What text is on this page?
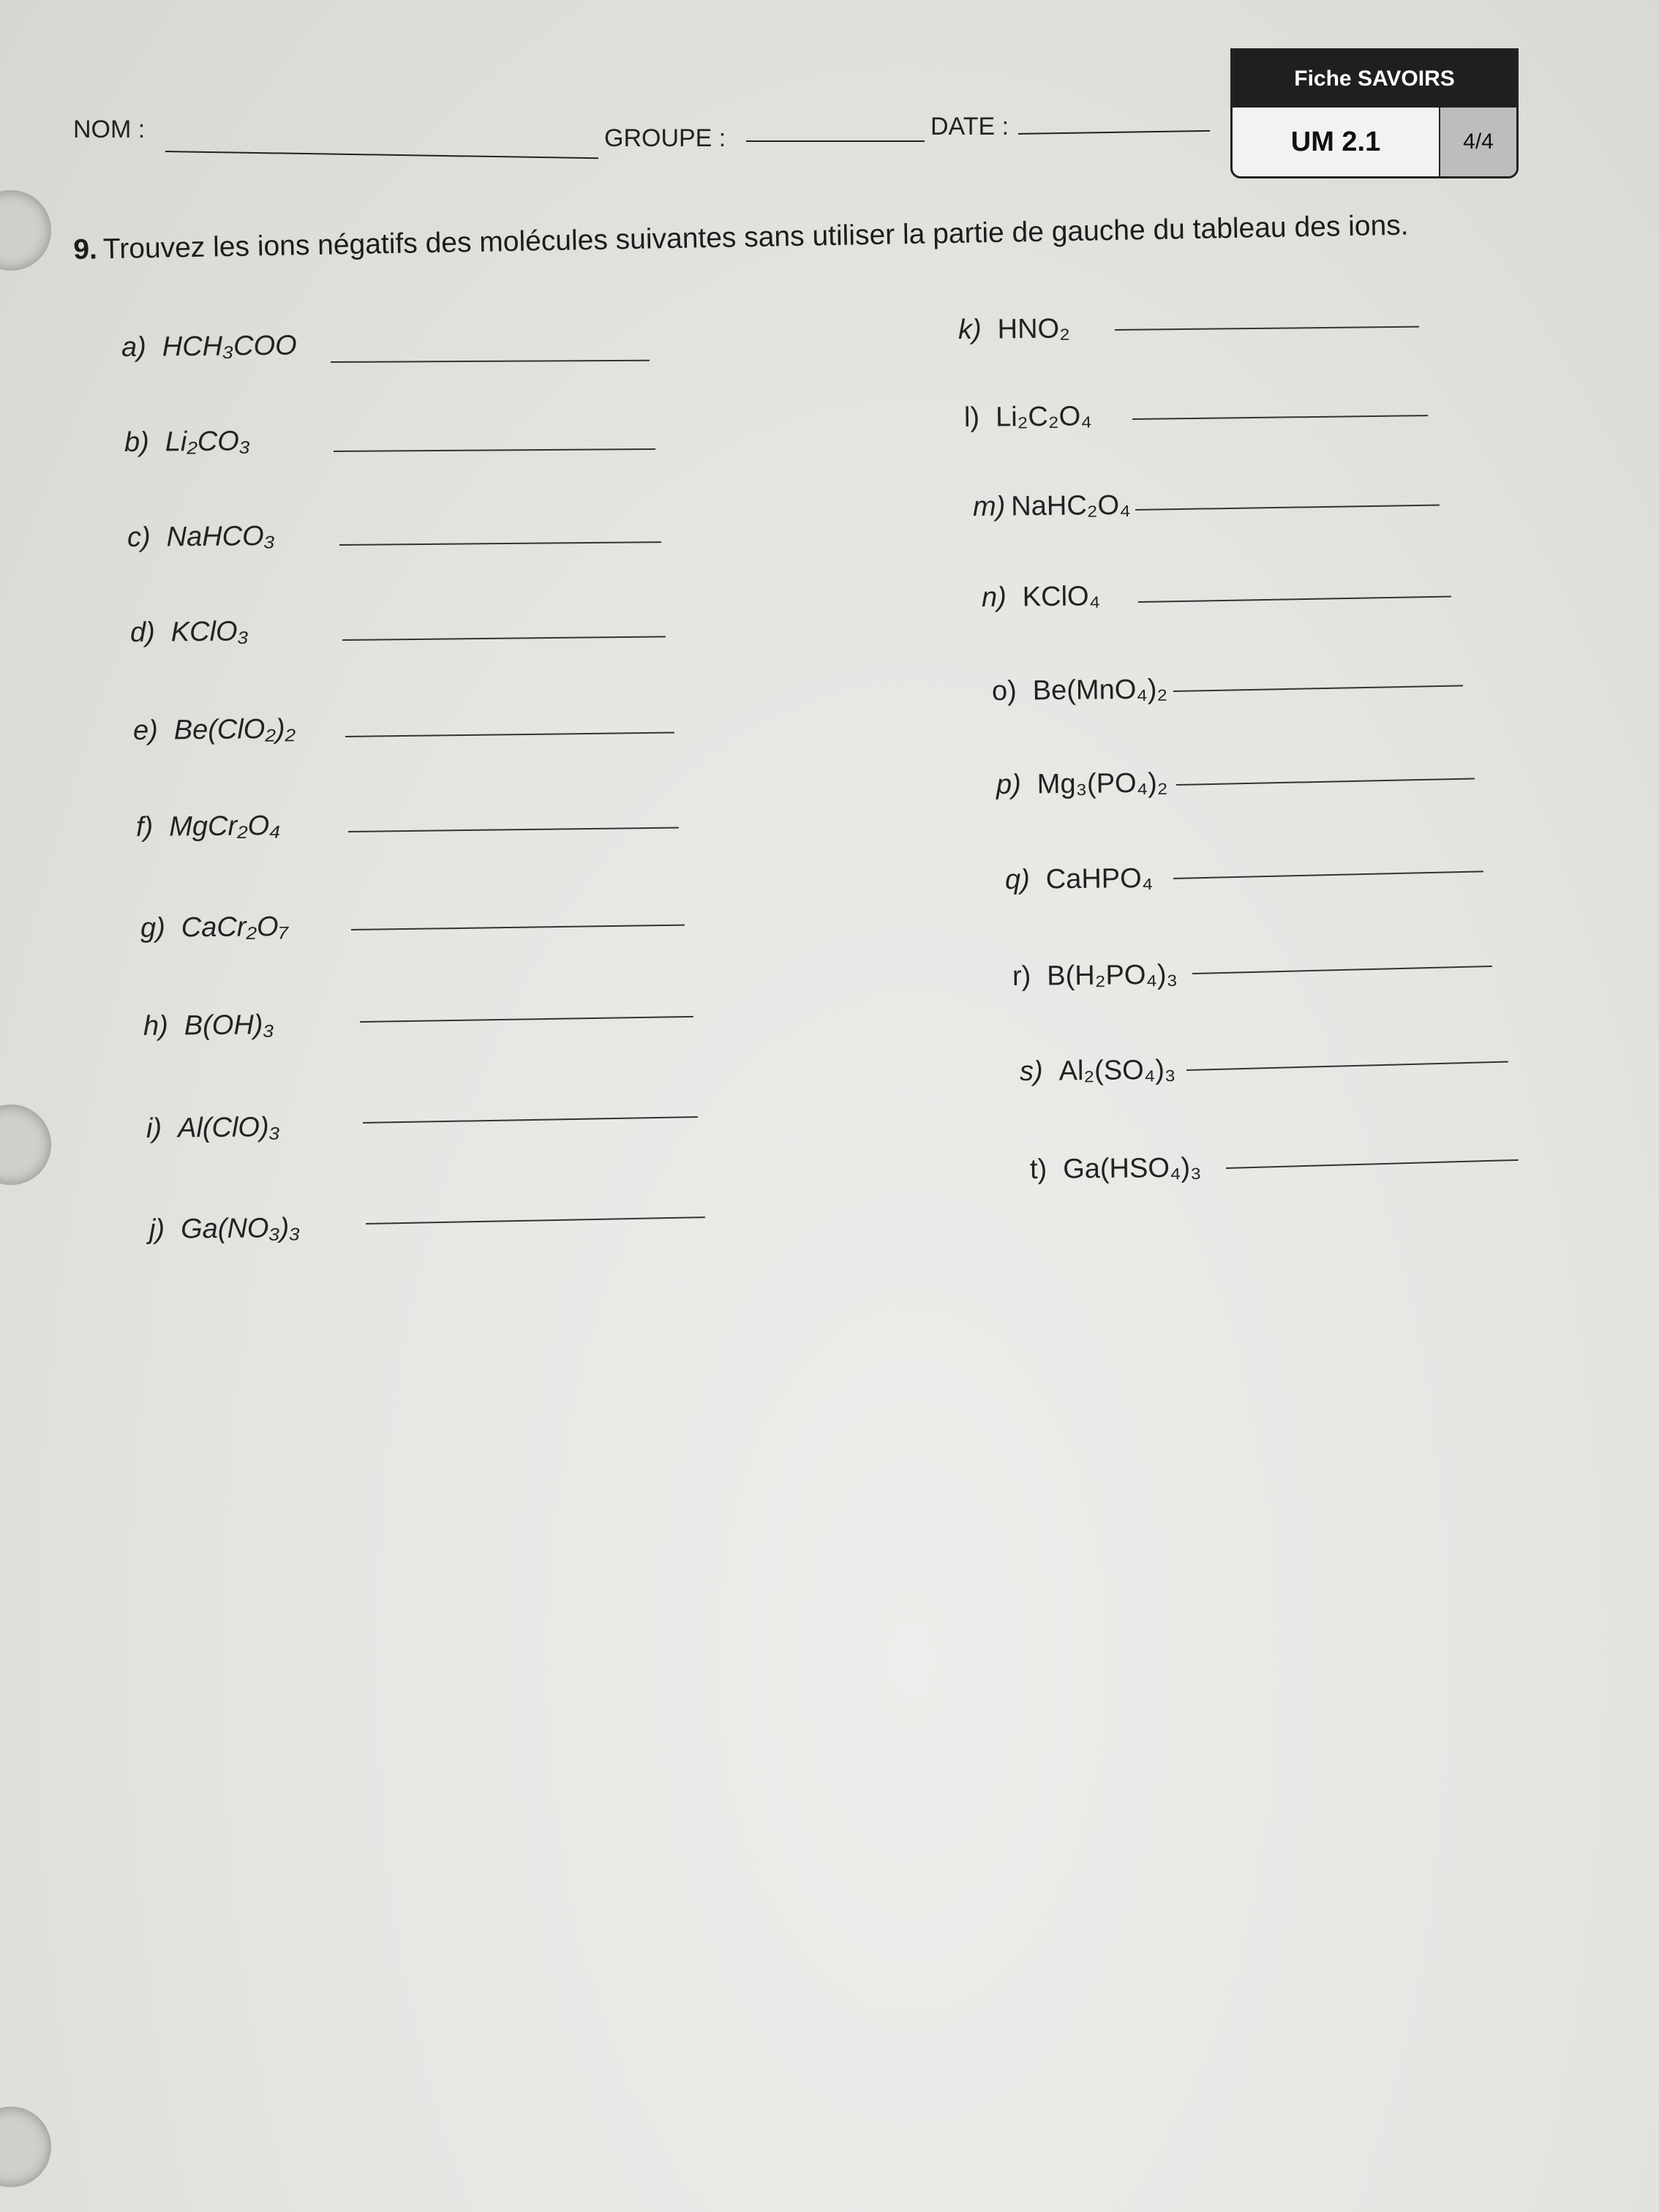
NOM :	GROUPE :	DATE :
Fiche SAVOIRS
UM 2.1	4/4
9. Trouvez les ions négatifs des molécules suivantes sans utiliser la partie de gauche du tableau des ions.
a) HCH₃COO
b) Li₂CO₃
c) NaHCO₃
d) KClO₃
e) Be(ClO₂)₂
f) MgCr₂O₄
g) CaCr₂O₇
h) B(OH)₃
i) Al(ClO)₃
j) Ga(NO₃)₃
k) HNO₂
l) Li₂C₂O₄
m) NaHC₂O₄
n) KClO₄
o) Be(MnO₄)₂
p) Mg₃(PO₄)₂
q) CaHPO₄
r) B(H₂PO₄)₃
s) Al₂(SO₄)₃
t) Ga(HSO₄)₃
